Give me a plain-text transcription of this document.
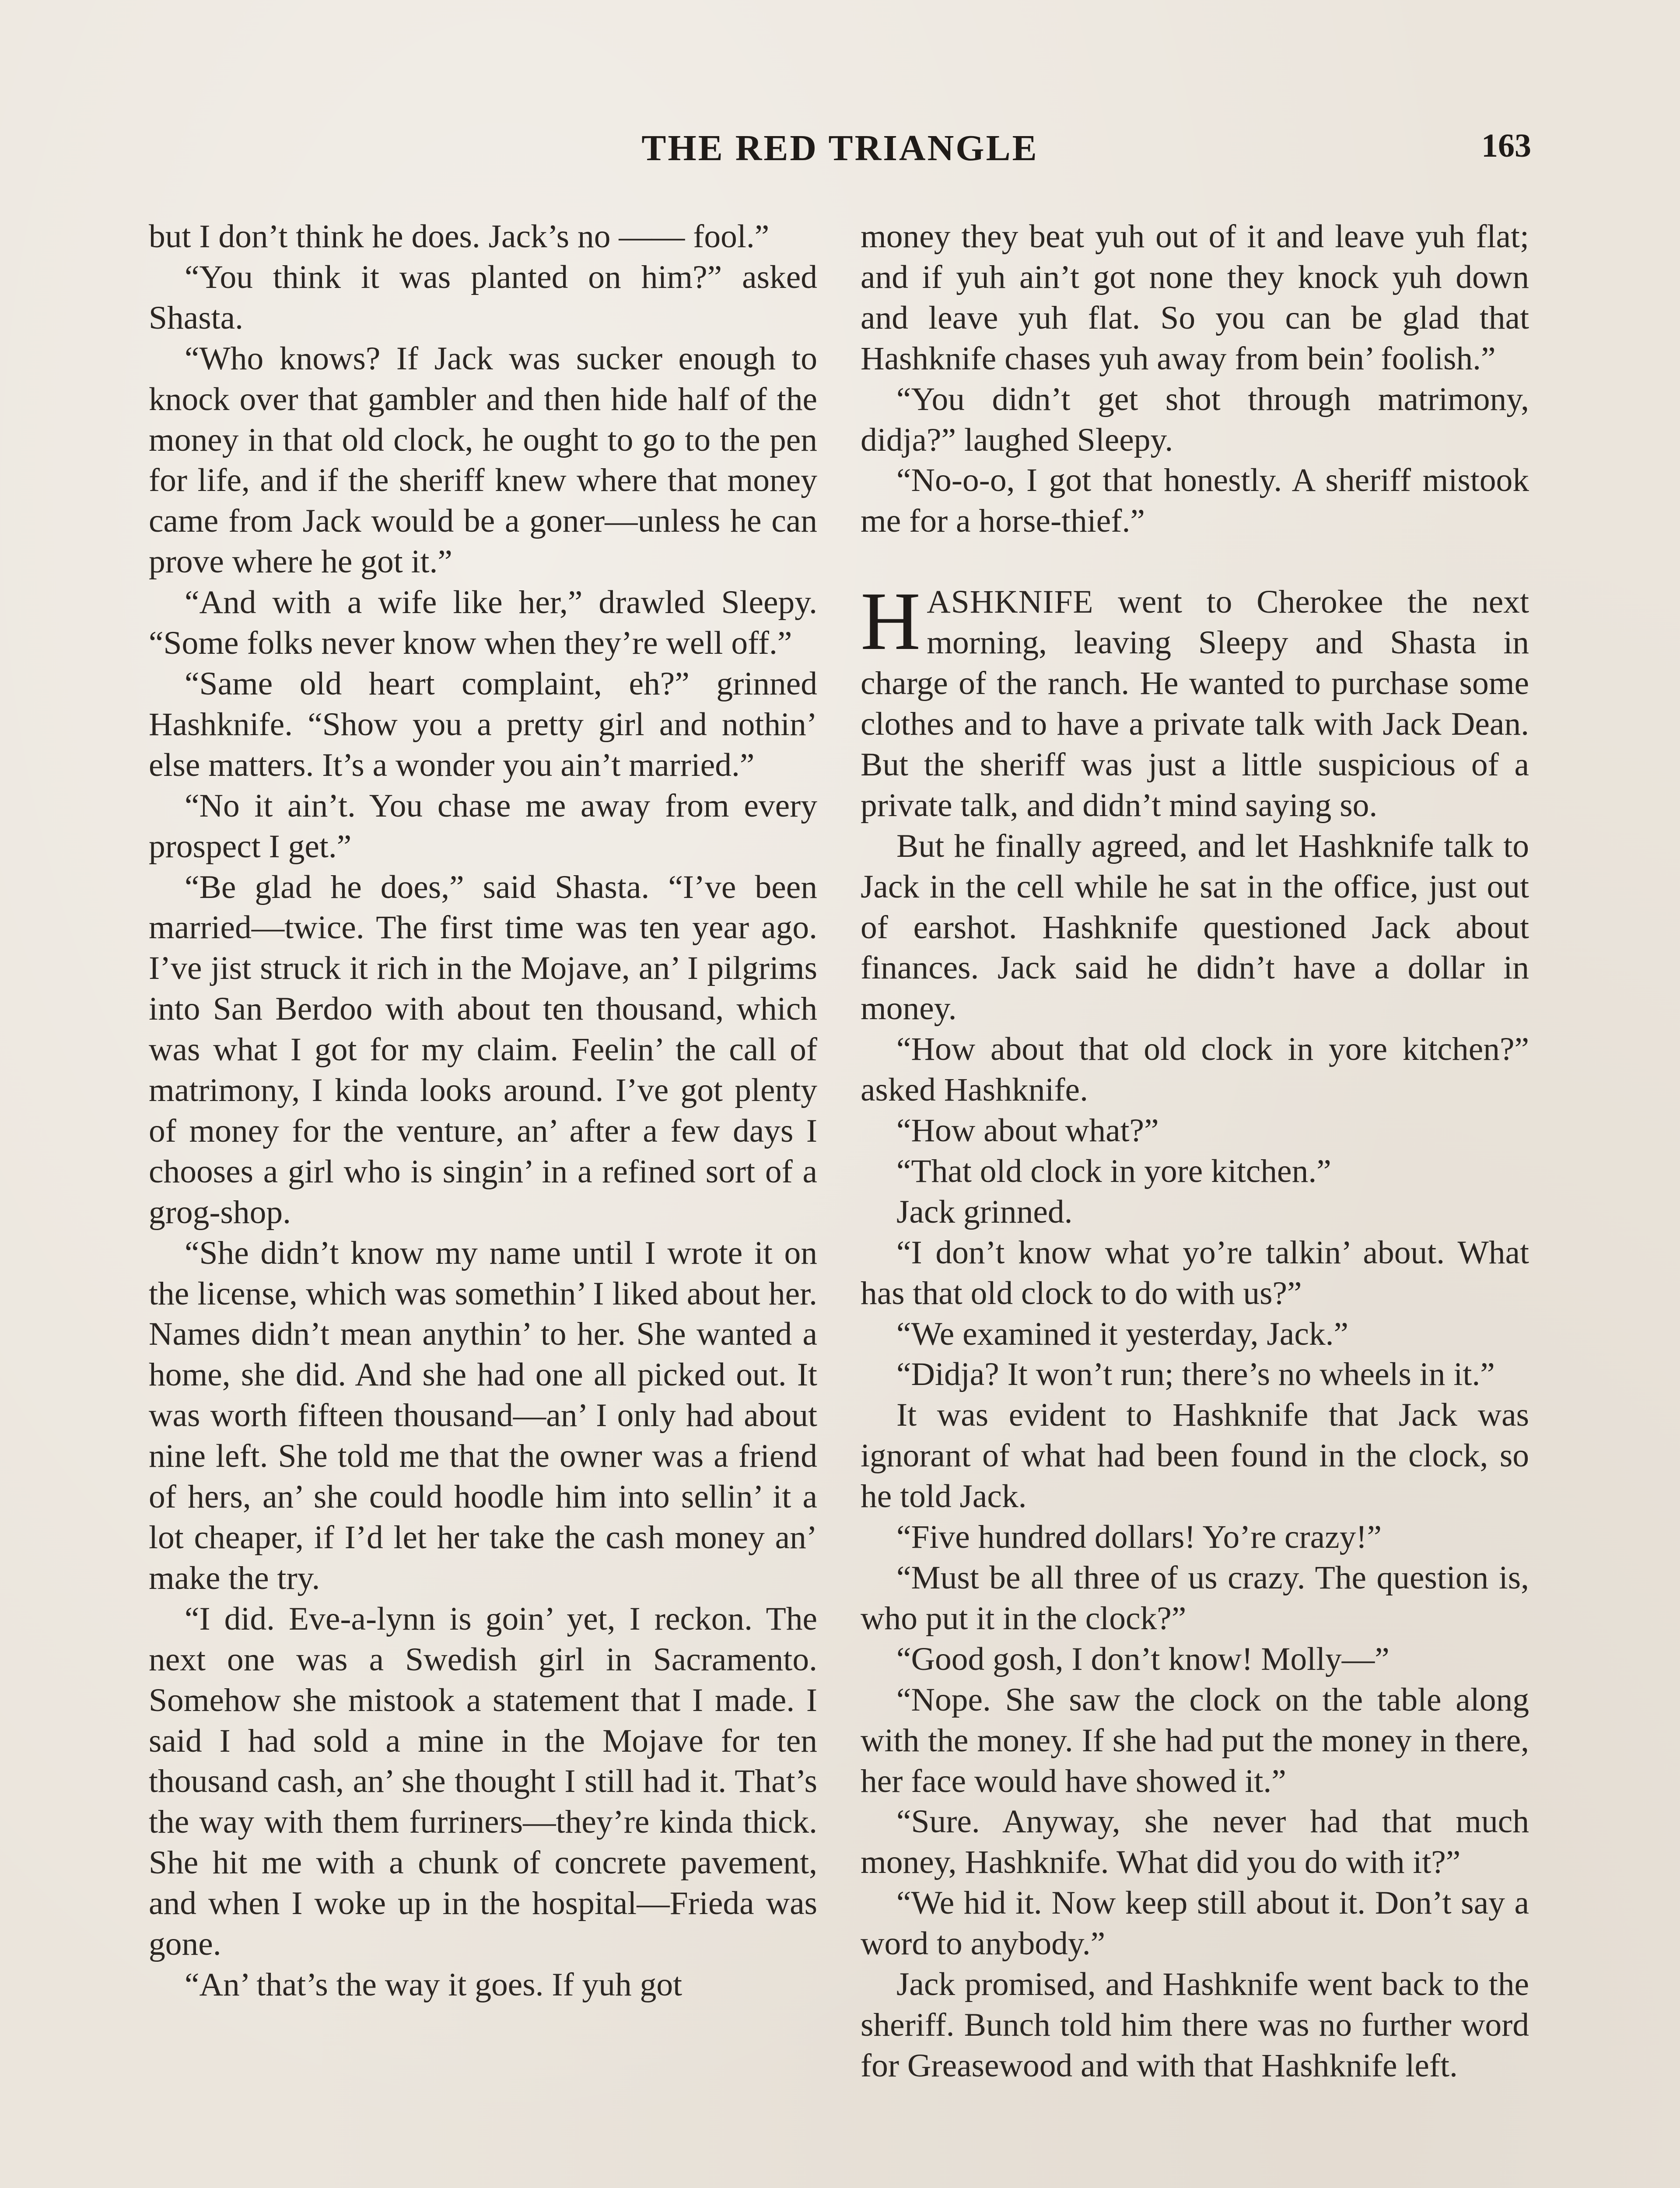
THE RED TRIANGLE	163

but I don’t think he does. Jack’s no —— fool.”

“You think it was planted on him?” asked Shasta.

“Who knows? If Jack was sucker enough to knock over that gambler and then hide half of the money in that old clock, he ought to go to the pen for life, and if the sheriff knew where that money came from Jack would be a goner—unless he can prove where he got it.”

“And with a wife like her,” drawled Sleepy. “Some folks never know when they’re well off.”

“Same old heart complaint, eh?” grinned Hashknife. “Show you a pretty girl and nothin’ else matters. It’s a wonder you ain’t married.”

“No it ain’t. You chase me away from every prospect I get.”

“Be glad he does,” said Shasta. “I’ve been married—twice. The first time was ten year ago. I’ve jist struck it rich in the Mojave, an’ I pilgrims into San Berdoo with about ten thousand, which was what I got for my claim. Feelin’ the call of matrimony, I kinda looks around. I’ve got plenty of money for the venture, an’ after a few days I chooses a girl who is singin’ in a refined sort of a grog-shop.

“She didn’t know my name until I wrote it on the license, which was somethin’ I liked about her. Names didn’t mean anythin’ to her. She wanted a home, she did. And she had one all picked out. It was worth fifteen thousand—an’ I only had about nine left. She told me that the owner was a friend of hers, an’ she could hoodle him into sellin’ it a lot cheaper, if I’d let her take the cash money an’ make the try.

“I did. Eve-a-lynn is goin’ yet, I reckon. The next one was a Swedish girl in Sacramento. Somehow she mistook a statement that I made. I said I had sold a mine in the Mojave for ten thousand cash, an’ she thought I still had it. That’s the way with them furriners—they’re kinda thick. She hit me with a chunk of concrete pavement, and when I woke up in the hospital—Frieda was gone.

“An’ that’s the way it goes. If yuh got

money they beat yuh out of it and leave yuh flat; and if yuh ain’t got none they knock yuh down and leave yuh flat. So you can be glad that Hashknife chases yuh away from bein’ foolish.”

“You didn’t get shot through matrimony, didja?” laughed Sleepy.

“No-o-o, I got that honestly. A sheriff mistook me for a horse-thief.”

HASHKNIFE went to Cherokee the next morning, leaving Sleepy and Shasta in charge of the ranch. He wanted to purchase some clothes and to have a private talk with Jack Dean. But the sheriff was just a little suspicious of a private talk, and didn’t mind saying so.

But he finally agreed, and let Hashknife talk to Jack in the cell while he sat in the office, just out of earshot. Hashknife questioned Jack about finances. Jack said he didn’t have a dollar in money.

“How about that old clock in yore kitchen?” asked Hashknife.

“How about what?”

“That old clock in yore kitchen.”

Jack grinned.

“I don’t know what yo’re talkin’ about. What has that old clock to do with us?”

“We examined it yesterday, Jack.”

“Didja? It won’t run; there’s no wheels in it.”

It was evident to Hashknife that Jack was ignorant of what had been found in the clock, so he told Jack.

“Five hundred dollars! Yo’re crazy!”

“Must be all three of us crazy. The question is, who put it in the clock?”

“Good gosh, I don’t know! Molly—”

“Nope. She saw the clock on the table along with the money. If she had put the money in there, her face would have showed it.”

“Sure. Anyway, she never had that much money, Hashknife. What did you do with it?”

“We hid it. Now keep still about it. Don’t say a word to anybody.”

Jack promised, and Hashknife went back to the sheriff. Bunch told him there was no further word for Greasewood and with that Hashknife left.
